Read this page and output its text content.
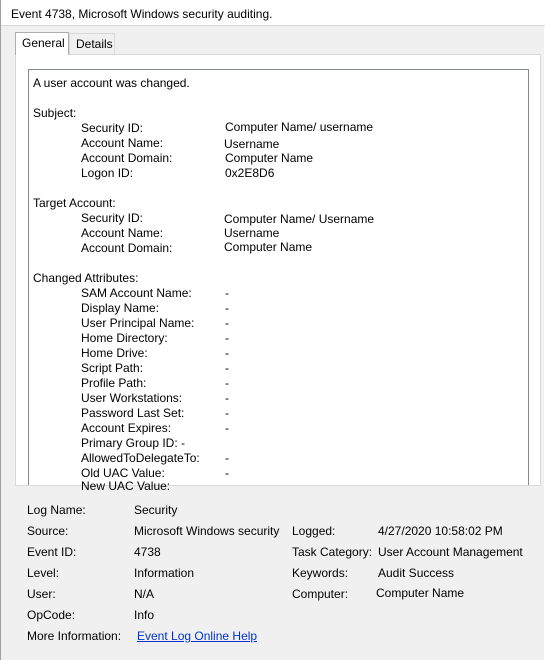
Event 4738, Microsoft Windows security auditing.
General Details
A user account was changed.
Subject:
Security ID:	Computer Name/ username
Account Name:	Username
Account Domain:	Computer Name
Logon ID:	0x2E8D6
Target Account:
Security ID:	Computer Name/ Username
Account Name:	Username
Account Domain:	Computer Name
Changed Attributes:
SAM Account Name:	-
Display Name:	-
User Principal Name:	-
Home Directory:	-
Home Drive:	-
Script Path:	-
Profile Path:	-
User Workstations:	-
Password Last Set:	-
Account Expires:	-
Primary Group ID: -
AllowedToDelegateTo: -
Old UAC Value:	-
New UAC Value:
Log Name:	Security
Source:	Microsoft Windows security Logged:	4/27/2020 10:58:02 PM
Event ID:	4738	Task Category: User Account Management
Level:	Information	Keywords: Audit Success
User:	N/A	Computer: Computer Name
OpCode:	Info
More Information: Event Log Online Help
